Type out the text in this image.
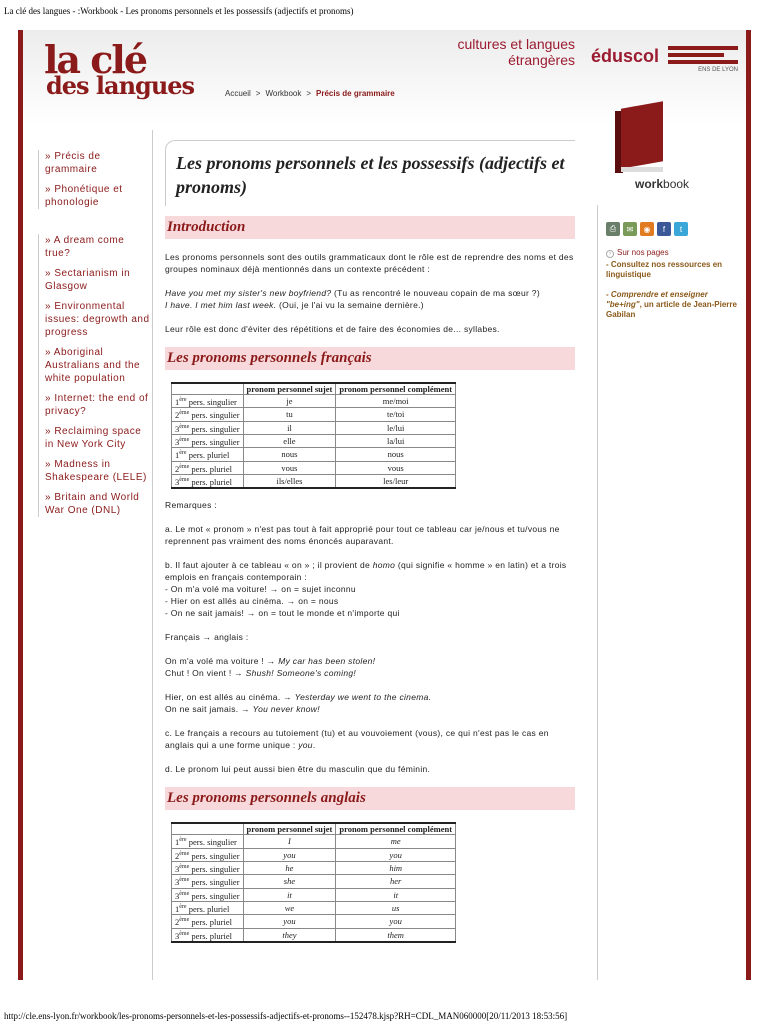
La clé des langues - :Workbook - Les pronoms personnels et les possessifs (adjectifs et pronoms)
la clé
des langues
cultures et langues
étrangères éduscol
ENS DE LYON
Accueil > Workbook > Précis de grammaire
workbook
» Précis de grammaire
» Phonétique et phonologie
» A dream come true?
» Sectarianism in Glasgow
» Environmental issues: degrowth and progress
» Aboriginal Australians and the white population
» Internet: the end of privacy?
» Reclaiming space in New York City
» Madness in Shakespeare (LELE)
» Britain and World War One (DNL)
Les pronoms personnels et les possessifs (adjectifs et pronoms)
Introduction

Les pronoms personnels sont des outils grammaticaux dont le rôle est de reprendre des noms et des groupes nominaux déjà mentionnés dans un contexte précédent :

Have you met my sister's new boyfriend? (Tu as rencontré le nouveau copain de ma sœur ?)
I have. I met him last week. (Oui, je l'ai vu la semaine dernière.)

Leur rôle est donc d'éviter des répétitions et de faire des économies de... syllabes.

Les pronoms personnels français
	pronom personnel sujet	pronom personnel complément
1ère pers. singulier	je	me/moi
2ème pers. singulier	tu	te/toi
3ème pers. singulier	il	le/lui
3ème pers. singulier	elle	la/lui
1ère pers. pluriel	nous	nous
2ème pers. pluriel	vous	vous
3ème pers. pluriel	ils/elles	les/leur

Remarques :

a. Le mot « pronom » n'est pas tout à fait approprié pour tout ce tableau car je/nous et tu/vous ne reprennent pas vraiment des noms énoncés auparavant.

b. Il faut ajouter à ce tableau « on » ; il provient de homo (qui signifie « homme » en latin) et a trois emplois en français contemporain :
- On m'a volé ma voiture! → on = sujet inconnu
- Hier on est allés au cinéma. → on = nous
- On ne sait jamais! → on = tout le monde et n'importe qui

Français → anglais :

On m'a volé ma voiture ! → My car has been stolen!
Chut ! On vient ! → Shush! Someone's coming!

Hier, on est allés au cinéma. → Yesterday we went to the cinema.
On ne sait jamais. → You never know!

c. Le français a recours au tutoiement (tu) et au vouvoiement (vous), ce qui n'est pas le cas en anglais qui a une forme unique : you.

d. Le pronom lui peut aussi bien être du masculin que du féminin.

Les pronoms personnels anglais
	pronom personnel sujet	pronom personnel complément
1ère pers. singulier	I	me
2ème pers. singulier	you	you
3ème pers. singulier	he	him
3ème pers. singulier	she	her
3ème pers. singulier	it	it
1ère pers. pluriel	we	us
2ème pers. pluriel	you	you
3ème pers. pluriel	they	them
⎙	✉	◉	f	t
› Sur nos pages
- Consultez nos ressources en linguistique
- Comprendre et enseigner "be+ing", un article de Jean-Pierre Gabilan
http://cle.ens-lyon.fr/workbook/les-pronoms-personnels-et-les-possessifs-adjectifs-et-pronoms--152478.kjsp?RH=CDL_MAN060000[20/11/2013 18:53:56]
